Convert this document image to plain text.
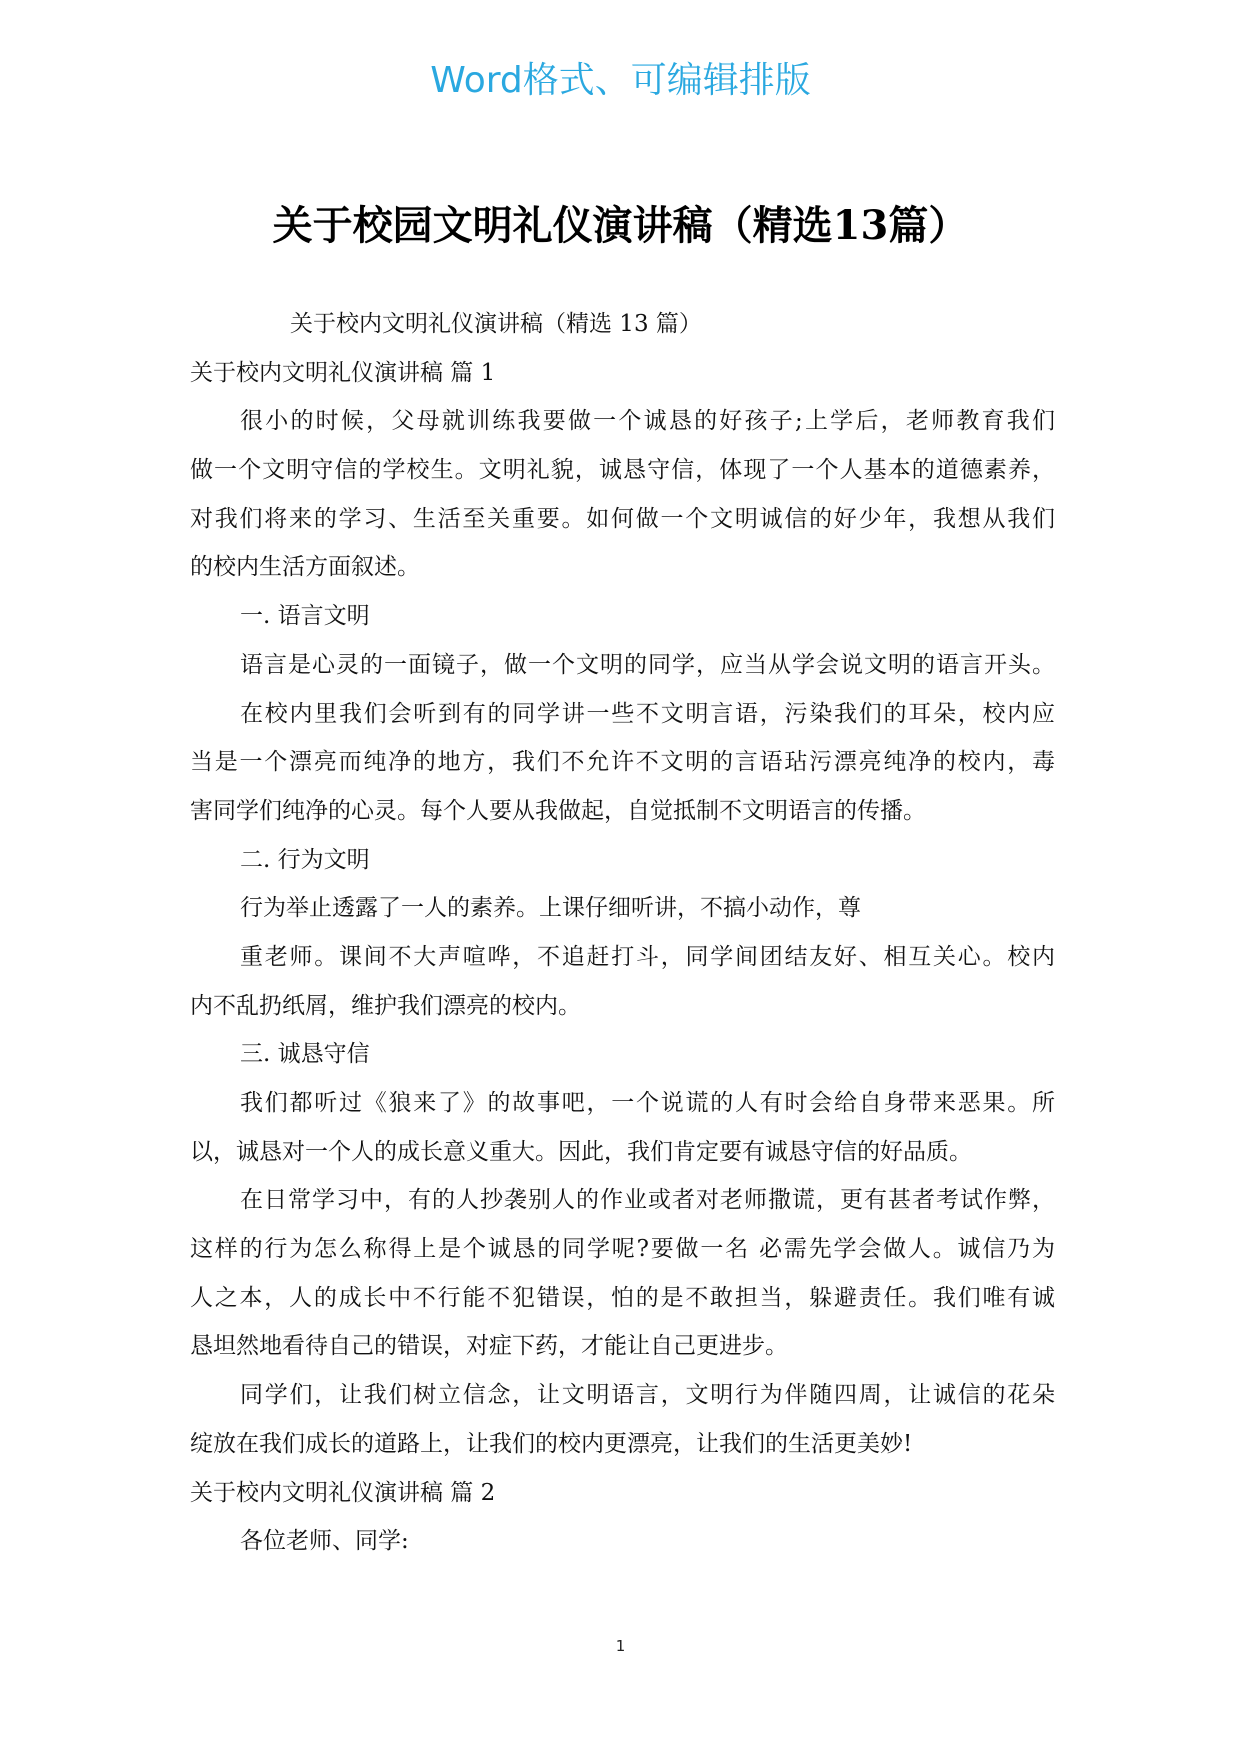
Word格式、可编辑排版
关于校园文明礼仪演讲稿（精选13篇）
关于校内文明礼仪演讲稿（精选 13 篇）
关于校内文明礼仪演讲稿 篇 1
很小的时候，父母就训练我要做一个诚恳的好孩子;上学后，老师教育我们
做一个文明守信的学校生。文明礼貌，诚恳守信，体现了一个人基本的道德素养，
对我们将来的学习、生活至关重要。如何做一个文明诚信的好少年，我想从我们
的校内生活方面叙述。
一. 语言文明
语言是心灵的一面镜子，做一个文明的同学，应当从学会说文明的语言开头。
在校内里我们会听到有的同学讲一些不文明言语，污染我们的耳朵，校内应
当是一个漂亮而纯净的地方，我们不允许不文明的言语玷污漂亮纯净的校内，毒
害同学们纯净的心灵。每个人要从我做起，自觉抵制不文明语言的传播。
二. 行为文明
行为举止透露了一人的素养。上课仔细听讲，不搞小动作，尊
重老师。课间不大声喧哗，不追赶打斗，同学间团结友好、相互关心。校内
内不乱扔纸屑，维护我们漂亮的校内。
三. 诚恳守信
我们都听过《狼来了》的故事吧，一个说谎的人有时会给自身带来恶果。所
以，诚恳对一个人的成长意义重大。因此，我们肯定要有诚恳守信的好品质。
在日常学习中，有的人抄袭别人的作业或者对老师撒谎，更有甚者考试作弊，
这样的行为怎么称得上是个诚恳的同学呢?要做一名 必需先学会做人。诚信乃为
人之本，人的成长中不行能不犯错误，怕的是不敢担当，躲避责任。我们唯有诚
恳坦然地看待自己的错误，对症下药，才能让自己更进步。
同学们，让我们树立信念，让文明语言，文明行为伴随四周，让诚信的花朵
绽放在我们成长的道路上，让我们的校内更漂亮，让我们的生活更美妙!
关于校内文明礼仪演讲稿 篇 2
各位老师、同学:
1
